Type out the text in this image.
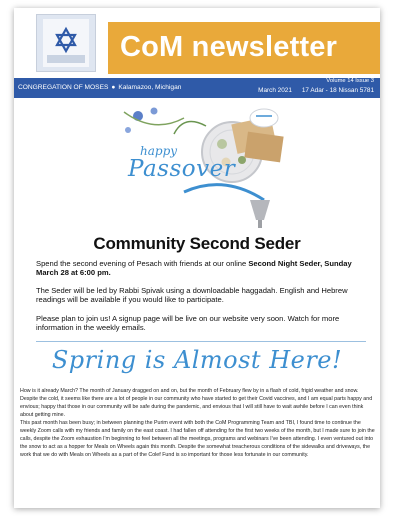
CoM newsletter
CONGREGATION OF MOSES ● Kalamazoo, Michigan
Volume 14 Issue 3
March 2021 17 Adar - 18 Nissan 5781
happy
Passover
Community Second Seder
Spend the second evening of Pesach with friends at our online Second Night Seder, Sunday March 28 at 6:00 pm.
The Seder will be led by Rabbi Spivak using a downloadable haggadah. English and Hebrew readings will be available if you would like to participate.
Please plan to join us! A signup page will be live on our website very soon. Watch for more information in the weekly emails.
Spring is Almost Here!
How is it already March? The month of January dragged on and on, but the month of February flew by in a flash of cold, frigid weather and snow. Despite the cold, it seems like there are a lot of people in our community who have started to get their Covid vaccines, and I am equal parts happy and envious; happy that those in our community will be safe during the pandemic, and envious that I will still have to wait awhile before I can even think about getting mine.
This past month has been busy; in between planning the Purim event with both the CoM Programming Team and TBI, I found time to continue the weekly Zoom calls with my friends and family on the east coast. I had fallen off attending for the first two weeks of the month, but I made sure to join the calls, despite the Zoom exhaustion I'm beginning to feel between all the meetings, programs and webinars I've been attending. I even ventured out into the snow to act as a hopper for Meals on Wheels again this month. Despite the somewhat treacherous conditions of the sidewalks and driveways, the work that we do with Meals on Wheels as a part of the Colef Fund is so important for those less fortunate in our community.
